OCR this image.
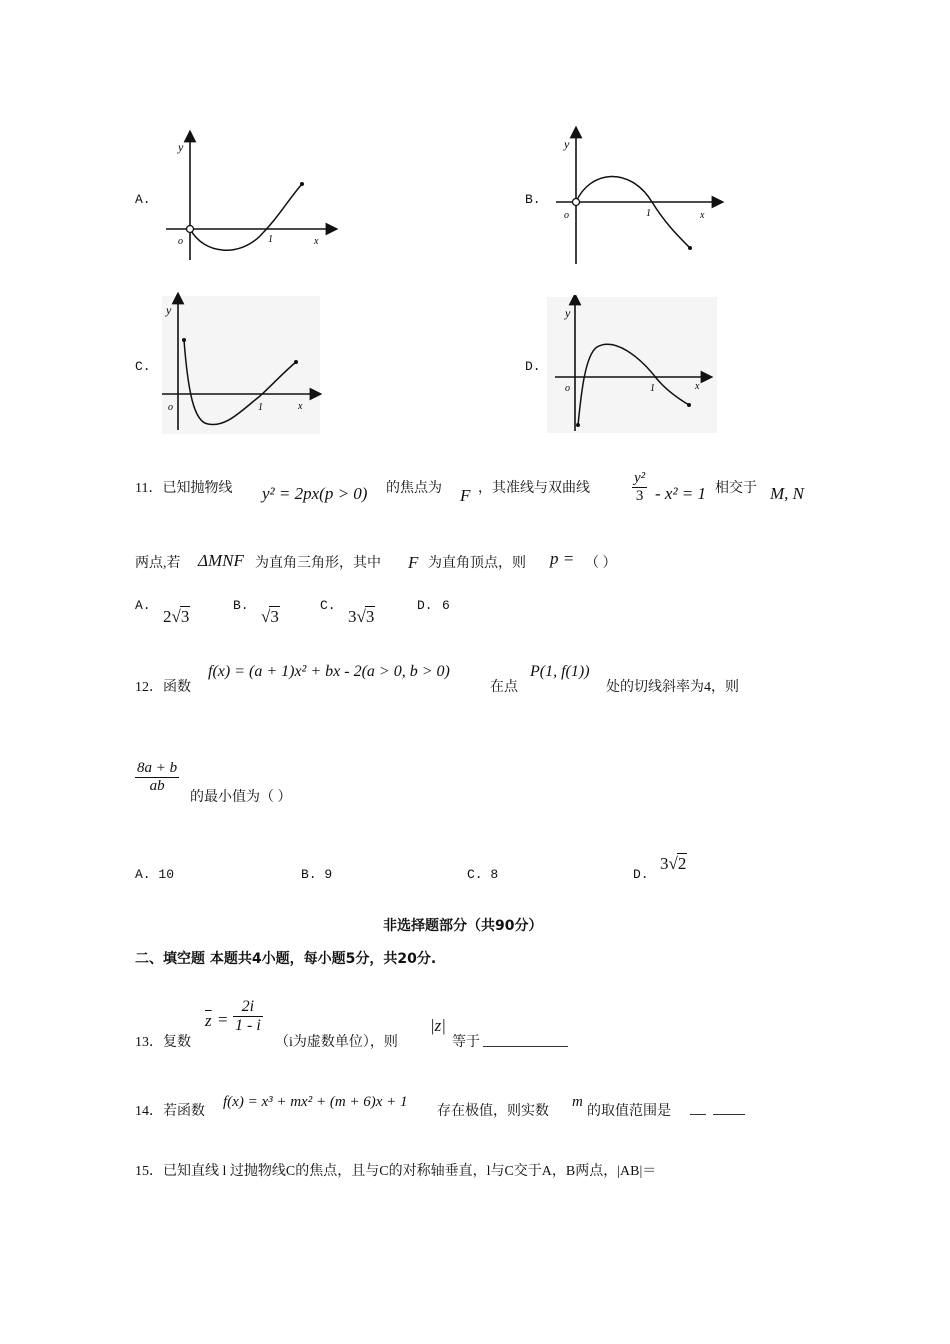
A.
y
x
o	1
B.
y
x
o	1
C.
y
x
o	1
D.
y
x
o	1
11．已知抛物线 y² = 2px(p > 0) 的焦点为 F ，其准线与双曲线	$\frac{\text{y²}}{3} - x^2 = 1$ 相交于 M, N
两点,若 ΔMNF 为直角三角形，其中 F 为直角顶点，则 p = （ ）
A.
2√3
B.
√3
C.
3√3
D. 6
12．函数
f(x) = (a + 1)x² + bx - 2(a > 0, b > 0)
在点
P(1, f(1))
处的切线斜率为4，则
$\frac{8a + b}{ab}$
的最小值为（ ）
A. 10	B. 9	C. 8	D.
3√2
非选择题部分（共90分）
二、填空题 本题共4小题，每小题5分，共20分.
13．复数
$\overline{z} = \frac{2i}{1 - i}$
（i为虚数单位），则
|z|
等于
14．若函数
f(x) = x³ + mx² + (m + 6)x + 1
存在极值，则实数
m
的取值范围是
15．已知直线 l 过抛物线C的焦点，且与C的对称轴垂直，l与C交于A，B两点，|AB|＝
